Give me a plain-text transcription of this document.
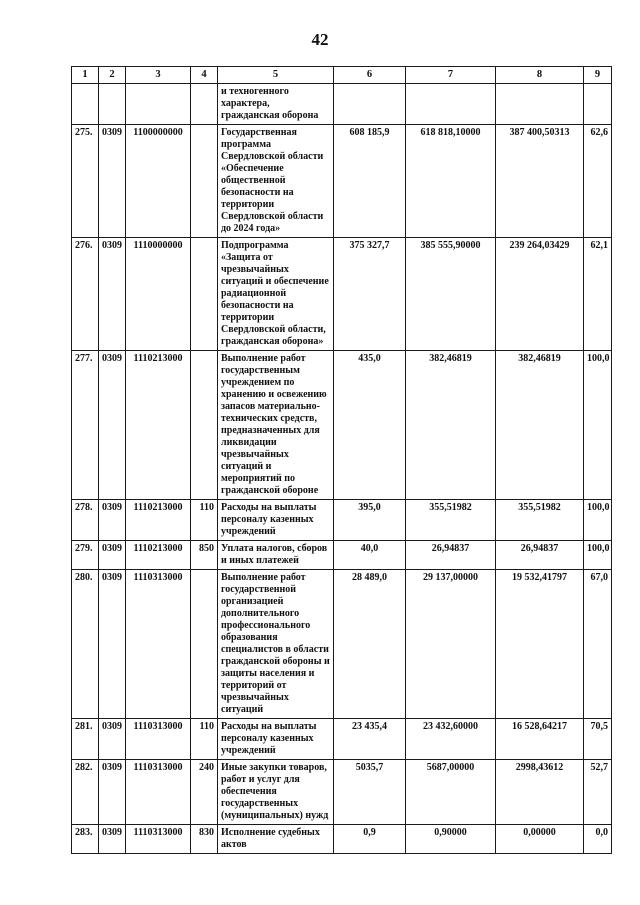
42
1	2	3	4	5	6	7	8	9
				и техногенного характера, гражданская оборона				
275.	0309	1100000000		Государственная программа Свердловской области «Обеспечение общественной безопасности на территории Свердловской области до 2024 года»	608 185,9	618 818,10000	387 400,50313	62,6
276.	0309	1110000000		Подпрограмма «Защита от чрезвычайных ситуаций и обеспечение радиационной безопасности на территории Свердловской области, гражданская оборона»	375 327,7	385 555,90000	239 264,03429	62,1
277.	0309	1110213000		Выполнение работ государственным учреждением по хранению и освежению запасов материально-технических средств, предназначенных для ликвидации чрезвычайных ситуаций и мероприятий по гражданской обороне	435,0	382,46819	382,46819	100,0
278.	0309	1110213000	110	Расходы на выплаты персоналу казенных учреждений	395,0	355,51982	355,51982	100,0
279.	0309	1110213000	850	Уплата налогов, сборов и иных платежей	40,0	26,94837	26,94837	100,0
280.	0309	1110313000		Выполнение работ государственной организацией дополнительного профессионального образования специалистов в области гражданской обороны и защиты населения и территорий от чрезвычайных ситуаций	28 489,0	29 137,00000	19 532,41797	67,0
281.	0309	1110313000	110	Расходы на выплаты персоналу казенных учреждений	23 435,4	23 432,60000	16 528,64217	70,5
282.	0309	1110313000	240	Иные закупки товаров, работ и услуг для обеспечения государственных (муниципальных) нужд	5035,7	5687,00000	2998,43612	52,7
283.	0309	1110313000	830	Исполнение судебных актов	0,9	0,90000	0,00000	0,0
